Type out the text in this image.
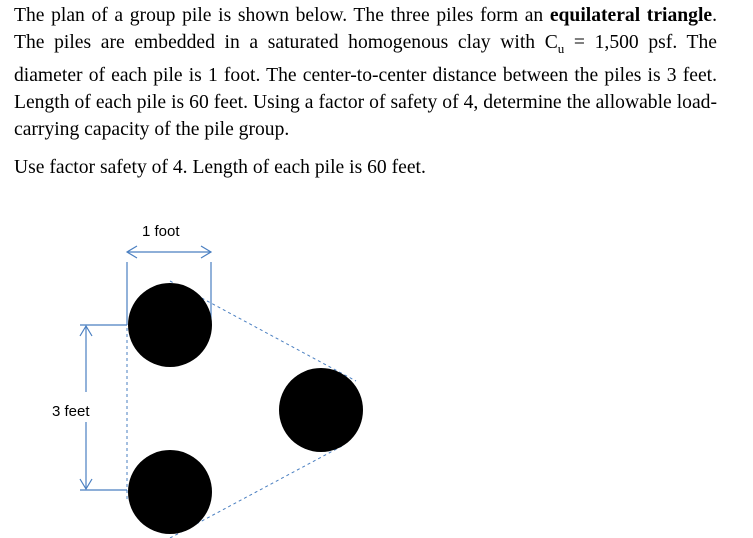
The plan of a group pile is shown below. The three piles form an equilateral triangle. The piles are embedded in a saturated homogenous clay with $C_u = 1,500$ psf. The diameter of each pile is 1 foot. The center-to-center distance between the piles is 3 feet. Length of each pile is 60 feet. Using a factor of safety of 4, determine the allowable load-carrying capacity of the pile group.

Use factor safety of 4. Length of each pile is 60 feet.

1 foot
3 feet
